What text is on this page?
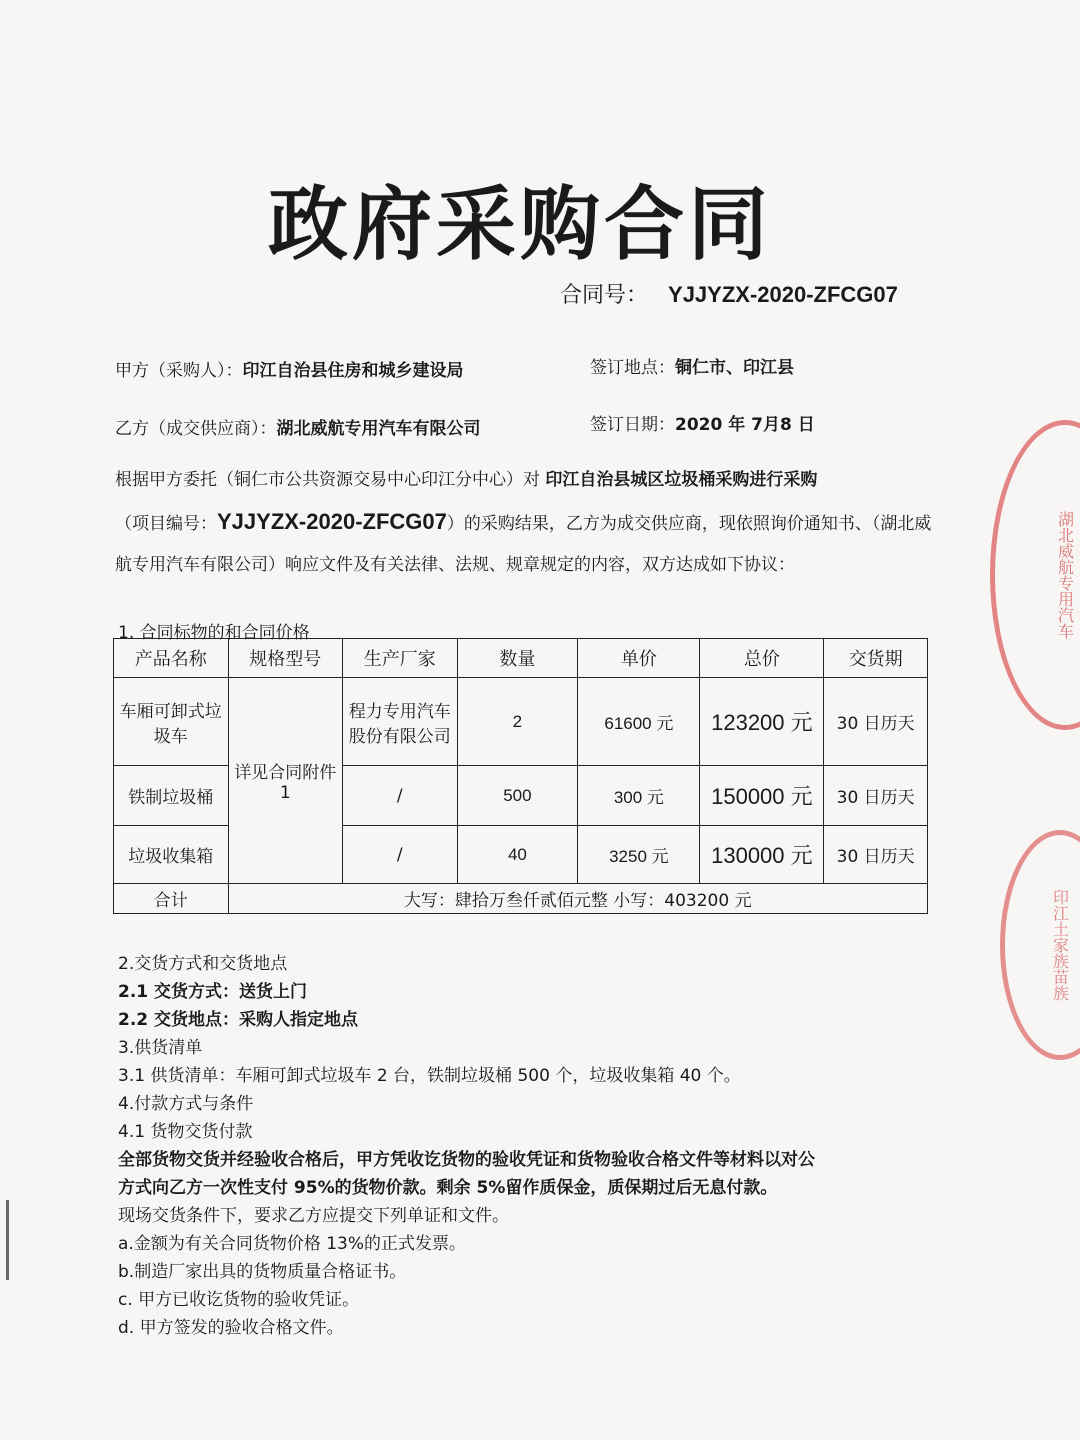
政府采购合同
合同号： YJJYZX-2020-ZFCG07
甲方（采购人）：印江自治县住房和城乡建设局	签订地点：铜仁市、印江县
乙方（成交供应商）：湖北威航专用汽车有限公司	签订日期：2020 年 7月8 日
根据甲方委托（铜仁市公共资源交易中心印江分中心）对 印江自治县城区垃圾桶采购进行采购
（项目编号：YJJYZX-2020-ZFCG07）的采购结果，乙方为成交供应商，现依照询价通知书、（湖北威航专用汽车有限公司）响应文件及有关法律、法规、规章规定的内容，双方达成如下协议：
1. 合同标物的和合同价格
产品名称	规格型号	生产厂家	数量	单价	总价	交货期
车厢可卸式垃圾车	详见合同附件 1	程力专用汽车股份有限公司	2	61600 元	123200 元	30 日历天
铁制垃圾桶		/	500	300 元	150000 元	30 日历天
垃圾收集箱		/	40	3250 元	130000 元	30 日历天
合计	大写：肆拾万叁仟贰佰元整 小写：403200 元					
2.交货方式和交货地点
2.1 交货方式：送货上门
2.2 交货地点：采购人指定地点
3.供货清单
3.1 供货清单：车厢可卸式垃圾车 2 台，铁制垃圾桶 500 个，垃圾收集箱 40 个。
4.付款方式与条件
4.1 货物交货付款
全部货物交货并经验收合格后，甲方凭收讫货物的验收凭证和货物验收合格文件等材料以对公
方式向乙方一次性支付 95%的货物价款。剩余 5%留作质保金，质保期过后无息付款。
现场交货条件下，要求乙方应提交下列单证和文件。
a.金额为有关合同货物价格 13%的正式发票。
b.制造厂家出具的货物质量合格证书。
c. 甲方已收讫货物的验收凭证。
d. 甲方签发的验收合格文件。
湖北威航专用汽车
印江土家族苗族
